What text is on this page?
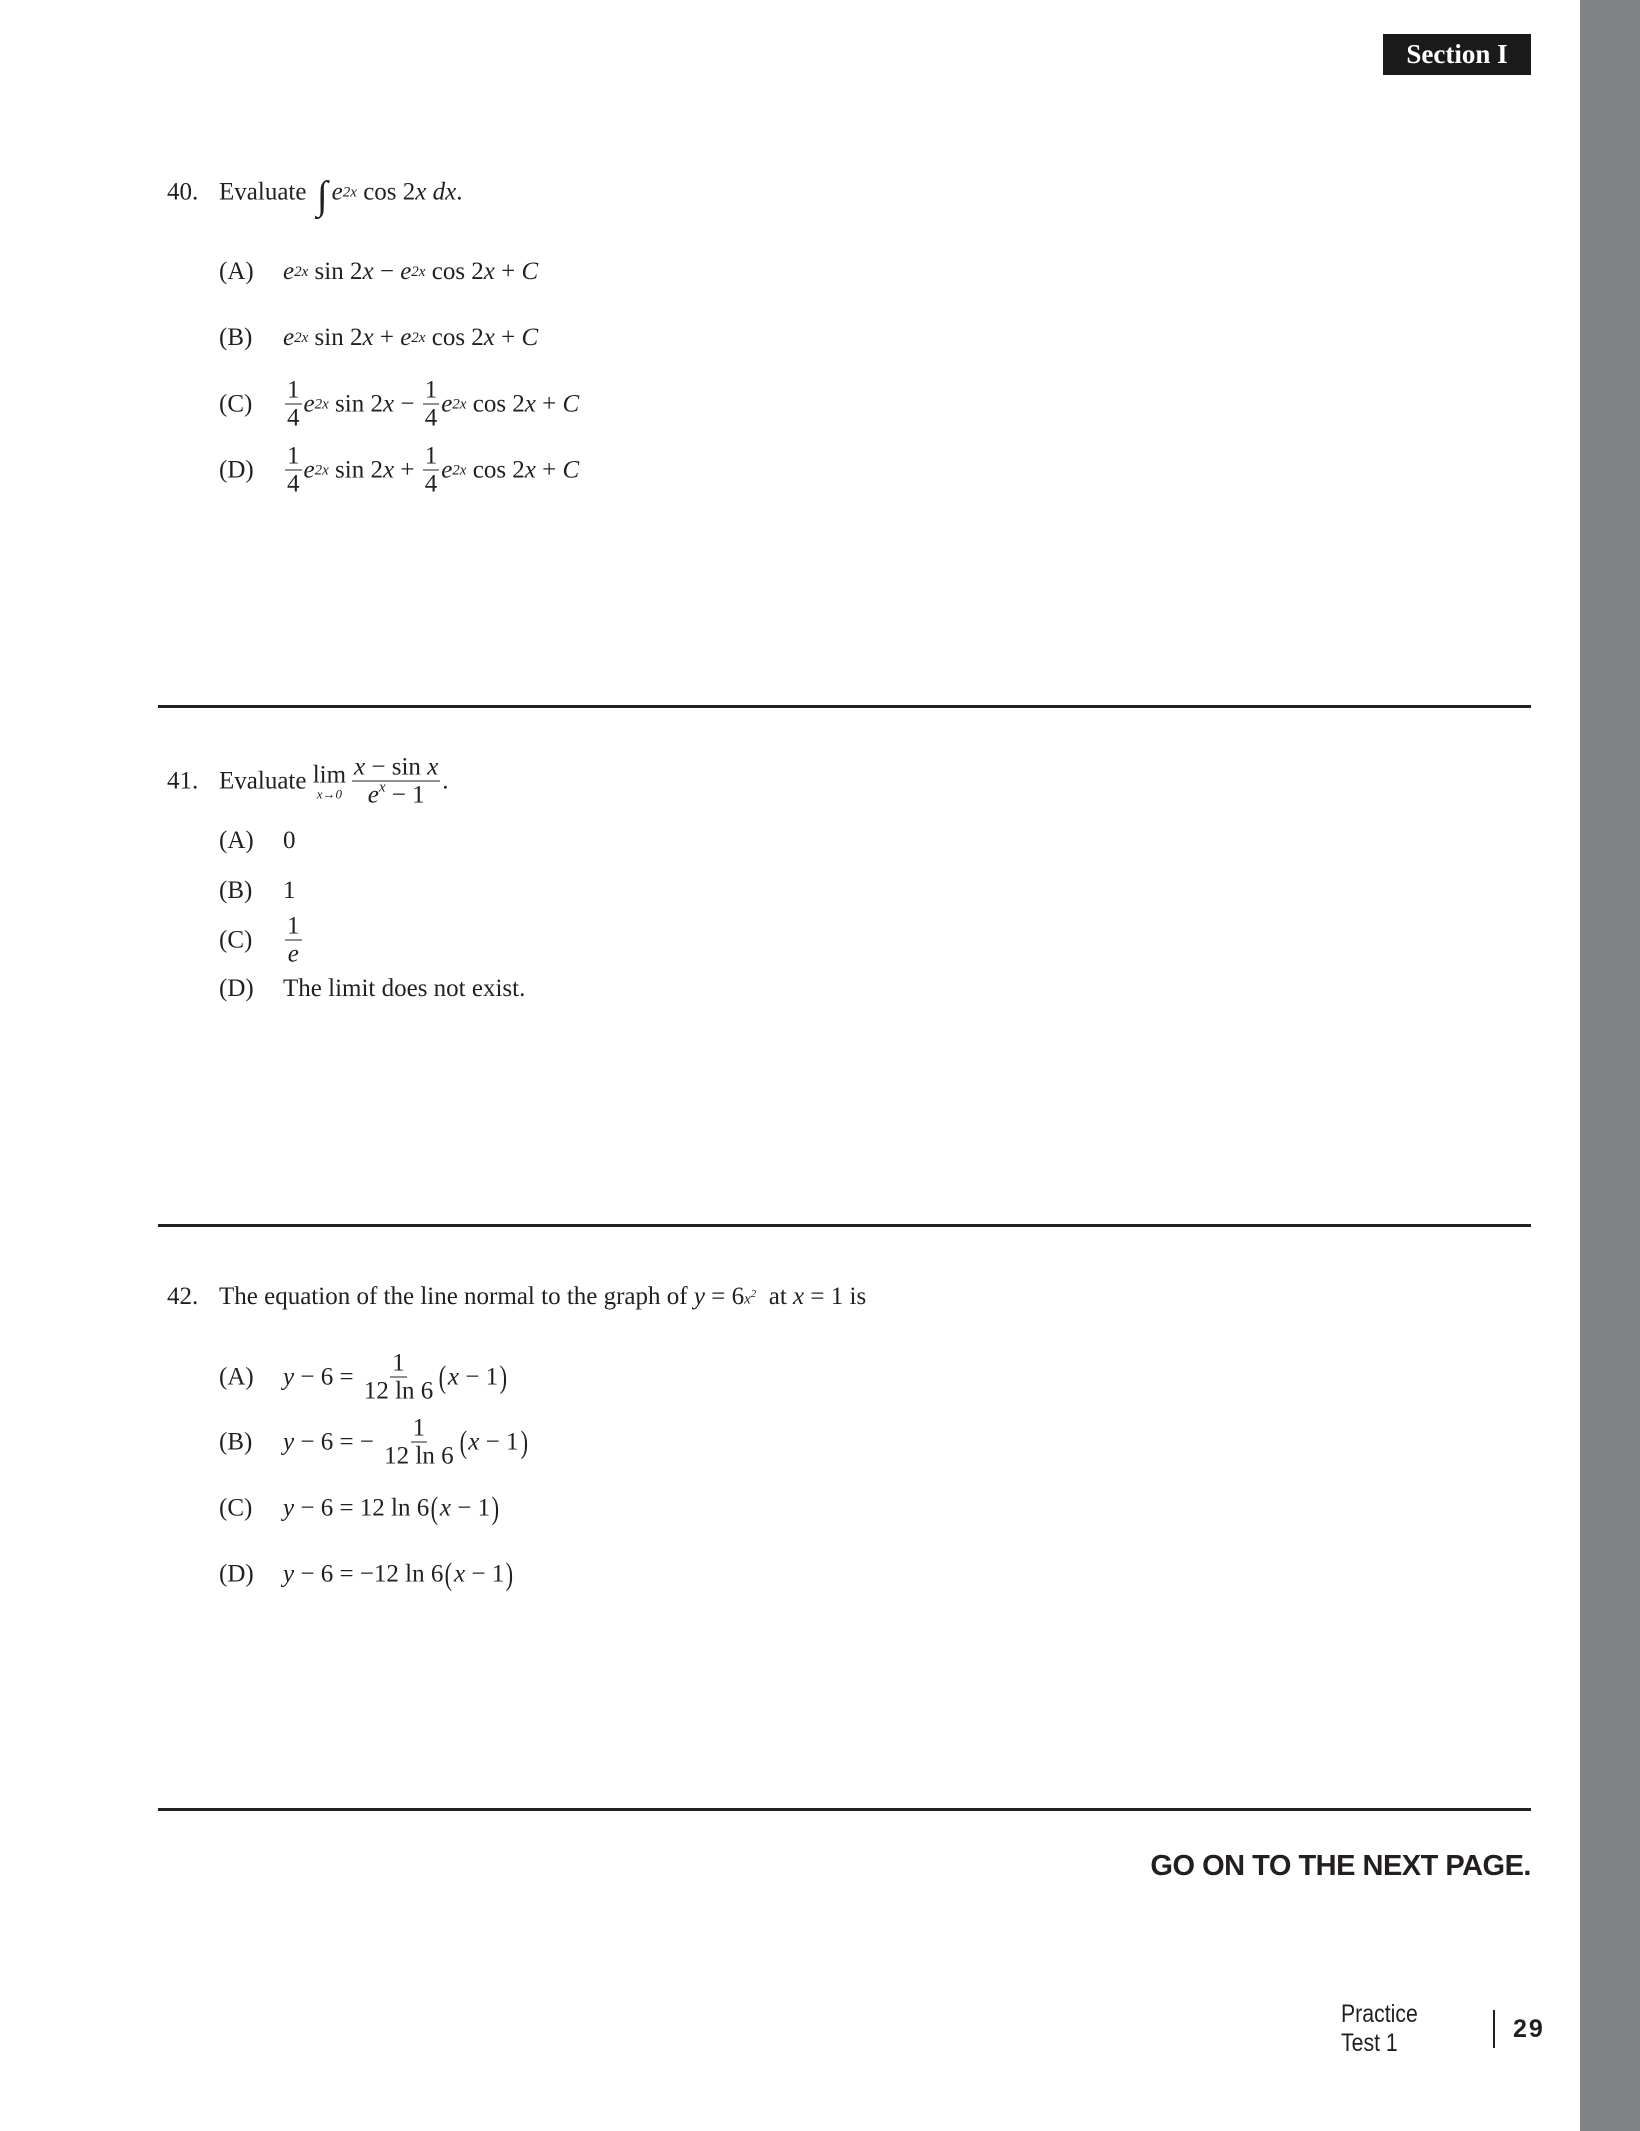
Section I
40. Evaluate ∫ e 2x cos 2 x dx .
(A)	e 2x sin 2 x − e 2x cos 2 x + C
(B)	e 2x sin 2 x + e 2x cos 2 x + C
(C)	$\frac{1}{4}$ e 2x sin 2 $x - \frac{1}{4}$ e 2x cos 2 x + C
(D)	$\frac{1}{4}$ e 2x sin 2 $x + \frac{1}{4}$ e 2x cos 2 x + C
41. Evaluate lim
$x\to 0 \frac{\text{x − sin x}}{e^x - 1}$ .
(A)	0
(B)	1
(C)	$\frac{1}{e}$
(D)	The limit does not exist.
42. The equation of the line normal to the graph of y = 6 $x^2$ at x = 1 is
(A)	$y - 6 = \frac{1}{12 \ln 6}$ ( x − 1 )
(B)	y − 6 = − $\frac{1}{12 \ln 6}$ ( x − 1 )
(C)	y − 6 = 12 ln 6 ( x − 1 )
(D)	y − 6 = −12 ln 6 ( x − 1 )
GO ON TO THE NEXT PAGE.
Practice Test 1
29
